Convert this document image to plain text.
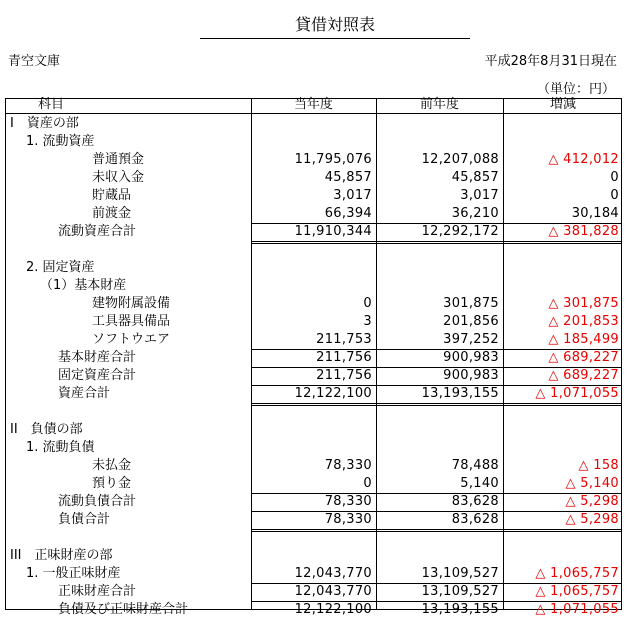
貸借対照表
青空文庫	平成28年8月31日現在
（単位：円）
科目	当年度	前年度	増減
I　資産の部
1. 流動資産
普通預金	11,795,076	12,207,088	△ 412,012
未収入金	45,857	45,857	0
貯蔵品	3,017	3,017	0
前渡金	66,394	36,210	30,184
流動資産合計	11,910,344	12,292,172	△ 381,828
2. 固定資産
（1）基本財産
建物附属設備	0	301,875	△ 301,875
工具器具備品	3	201,856	△ 201,853
ソフトウエア	211,753	397,252	△ 185,499
基本財産合計	211,756	900,983	△ 689,227
固定資産合計	211,756	900,983	△ 689,227
資産合計	12,122,100	13,193,155	△ 1,071,055
II　負債の部
1. 流動負債
未払金	78,330	78,488	△ 158
預り金	0	5,140	△ 5,140
流動負債合計	78,330	83,628	△ 5,298
負債合計	78,330	83,628	△ 5,298
III　正味財産の部
1. 一般正味財産	12,043,770	13,109,527	△ 1,065,757
正味財産合計	12,043,770	13,109,527	△ 1,065,757
負債及び正味財産合計	12,122,100	13,193,155	△ 1,071,055
